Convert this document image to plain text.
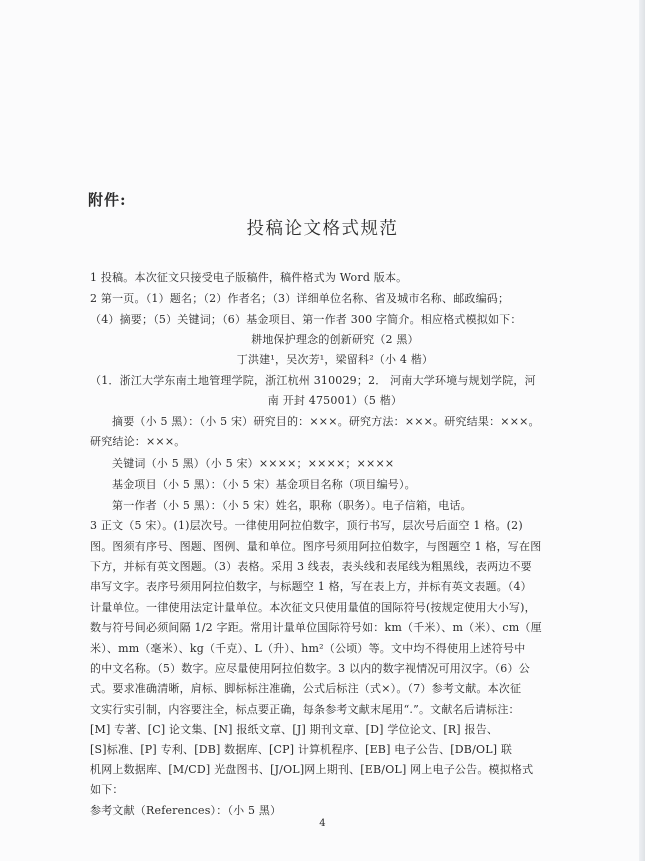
附件:
投稿论文格式规范
1 投稿。本次征文只接受电子版稿件，稿件格式为 Word 版本。
2 第一页。（1）题名；（2）作者名；（3）详细单位名称、省及城市名称、邮政编码；
（4）摘要；（5）关键词；（6）基金项目、第一作者 300 字简介。相应格式模拟如下：
耕地保护理念的创新研究（2 黑）
丁洪建¹，吴次芳¹，梁留科²（小 4 楷）
（1．浙江大学东南土地管理学院，浙江杭州 310029；2． 河南大学环境与规划学院，河
南 开封 475001）（5 楷）
摘要（小 5 黑）：（小 5 宋）研究目的：×××。研究方法：×××。研究结果：×××。
研究结论：×××。
关键词（小 5 黑）（小 5 宋）××××；××××；××××
基金项目（小 5 黑）：（小 5 宋）基金项目名称（项目编号）。
第一作者（小 5 黑）：（小 5 宋）姓名，职称（职务）。电子信箱，电话。
3 正文（5 宋）。(1)层次号。一律使用阿拉伯数字，顶行书写，层次号后面空 1 格。(2)
图。图须有序号、图题、图例、量和单位。图序号须用阿拉伯数字，与图题空 1 格，写在图
下方，并标有英文图题。（3）表格。采用 3 线表，表头线和表尾线为粗黑线，表两边不要
串写文字。表序号须用阿拉伯数字，与标题空 1 格，写在表上方，并标有英文表题。（4）
计量单位。一律使用法定计量单位。本次征文只使用量值的国际符号(按规定使用大小写)，
数与符号间必须间隔 1/2 字距。常用计量单位国际符号如：km（千米）、m（米）、cm（厘
米）、mm（毫米）、kg（千克）、L（升）、hm²（公顷）等。文中均不得使用上述符号中
的中文名称。（5）数字。应尽量使用阿拉伯数字。3 以内的数字视情况可用汉字。（6）公
式。要求准确清晰，肩标、脚标标注准确，公式后标注（式×）。（7）参考文献。本次征
文实行实引制，内容要注全，标点要正确，每条参考文献末尾用“.”。文献名后请标注：
[M] 专著、[C] 论文集、[N] 报纸文章、[J] 期刊文章、[D] 学位论文、[R] 报告、
[S]标准、[P] 专利、[DB] 数据库、[CP] 计算机程序、[EB] 电子公告、[DB/OL] 联
机网上数据库、[M/CD] 光盘图书、[J/OL]网上期刊、[EB/OL] 网上电子公告。模拟格式
如下：
参考文献（References）：（小 5 黑）
4
